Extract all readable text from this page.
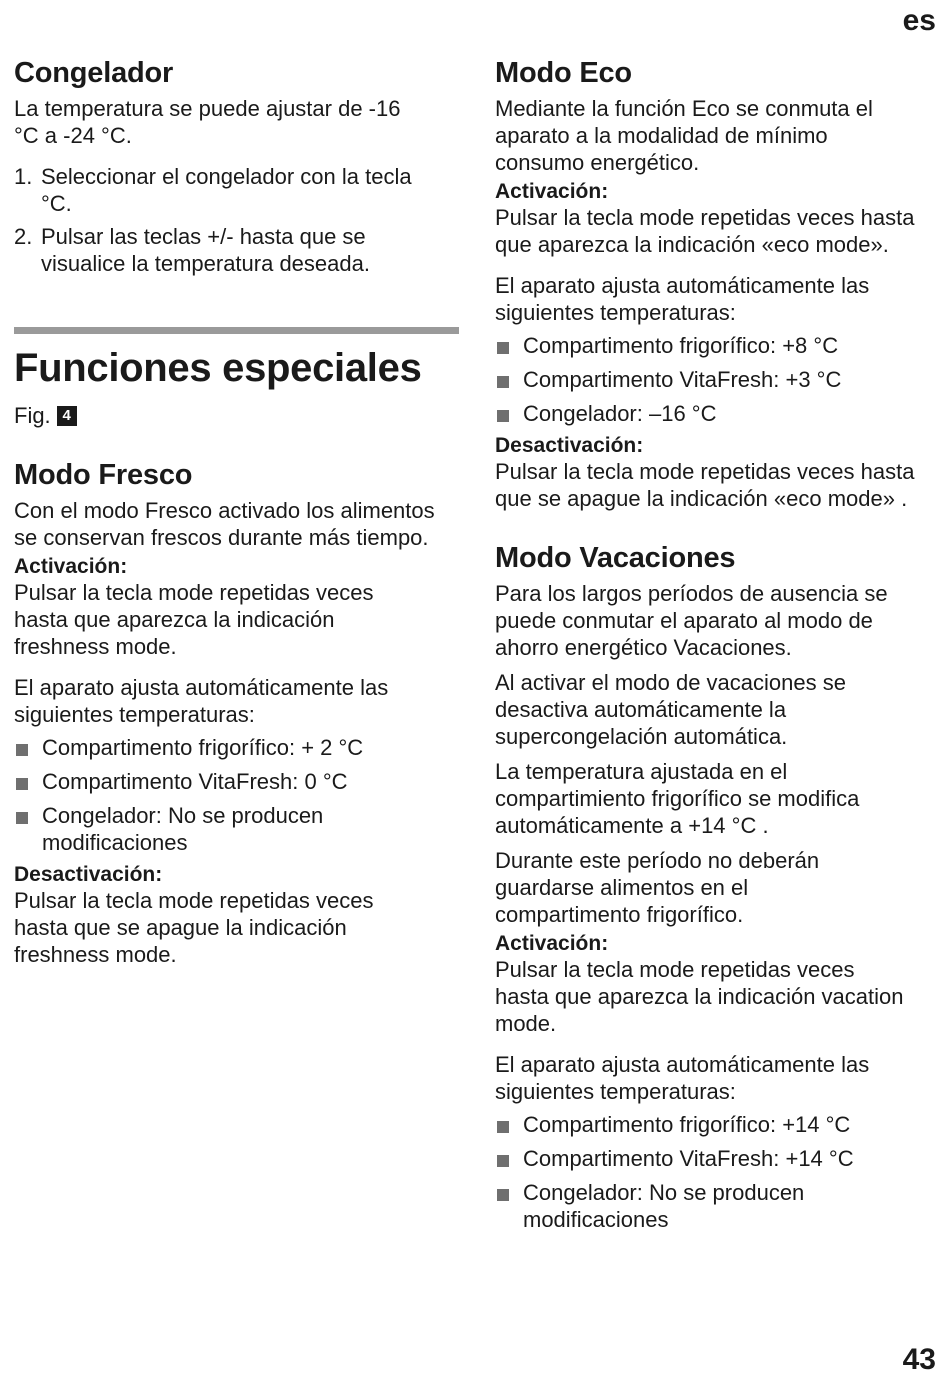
es
Congelador
La temperatura se puede ajustar de -16 °C a -24 °C.
1. Seleccionar el congelador con la tecla °C.
2. Pulsar las teclas +/- hasta que se visualice la temperatura deseada.
Funciones especiales
Fig. 4
Modo Fresco
Con el modo Fresco activado los alimentos se conservan frescos durante más tiempo.
Activación:
Pulsar la tecla mode repetidas veces hasta que aparezca la indicación freshness mode.
El aparato ajusta automáticamente las siguientes temperaturas:
Compartimento frigorífico: + 2 °C
Compartimento VitaFresh: 0 °C
Congelador: No se producen modificaciones
Desactivación:
Pulsar la tecla mode repetidas veces hasta que se apague la indicación freshness mode.
Modo Eco
Mediante la función Eco se conmuta el aparato a la modalidad de mínimo consumo energético.
Activación:
Pulsar la tecla mode repetidas veces hasta que aparezca la indicación «eco mode».
El aparato ajusta automáticamente las siguientes temperaturas:
Compartimento frigorífico: +8 °C
Compartimento VitaFresh: +3 °C
Congelador: –16 °C
Desactivación:
Pulsar la tecla mode repetidas veces hasta que se apague la indicación «eco mode» .
Modo Vacaciones
Para los largos períodos de ausencia se puede conmutar el aparato al modo de ahorro energético Vacaciones.
Al activar el modo de vacaciones se desactiva automáticamente la supercongelación automática.
La temperatura ajustada en el compartimiento frigorífico se modifica automáticamente a +14 °C .
Durante este período no deberán guardarse alimentos en el compartimento frigorífico.
Activación:
Pulsar la tecla mode repetidas veces hasta que aparezca la indicación vacation mode.
El aparato ajusta automáticamente las siguientes temperaturas:
Compartimento frigorífico: +14 °C
Compartimento VitaFresh: +14 °C
Congelador: No se producen modificaciones
43
